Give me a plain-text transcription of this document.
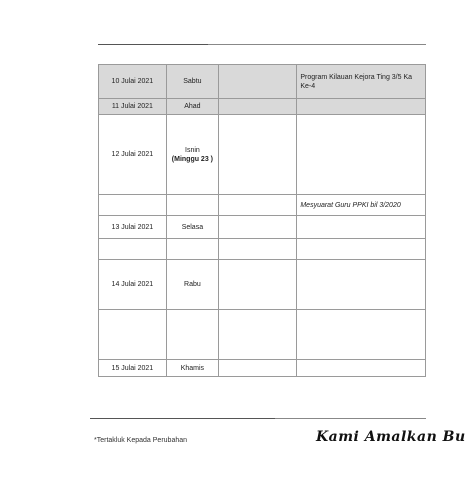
10 Julai 2021	Sabtu		Program Kilauan Kejora Ting 3/5 Ka Ke-4
11 Julai 2021	Ahad		
12 Julai 2021	Isnin
(Minggu 23 )		

			Mesyuarat Guru PPKI bil 3/2020
13 Julai 2021	Selasa		

14 Julai 2021	Rabu		

15 Julai 2021	Khamis		
*Tertakluk Kepada Perubahan	Kami Amalkan Bu
